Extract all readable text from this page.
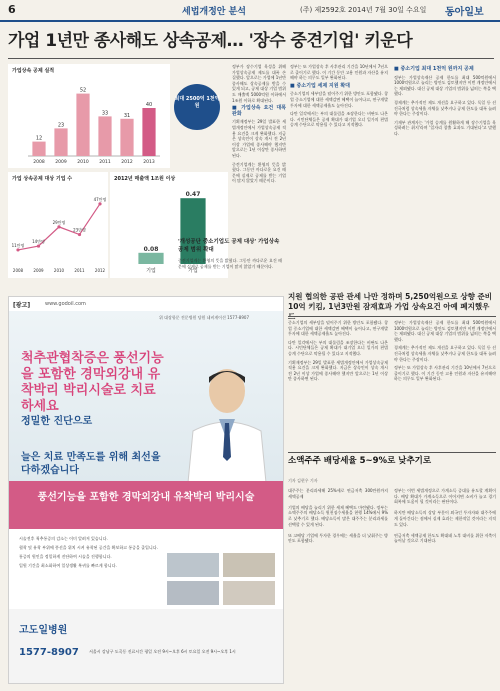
6	세법개정안 분석	(주) 제2592호 2014년 7월 30일 수요일 동아일보
가업 1년만 종사해도 상속공제… '장수 중견기업' 키운다
가업상속 공제 실적
12
2008
23
2009
52
2010
33
2011
31
2012
40
2013
최대 2500억 1천억원
가업 상속공제 대상 기업 수
11만명
2008
14만명
2009
29만명
2010
23만명
2011
47만명
2012
2012년 매출액 1조원 이상
0.08
기업
0.47
가업

정부가 장수기업 육성을 위해 가업상속공제 제도를 대폭 손질했다. 앞으로는 가업에 1년만 종사해도 상속공제를 받을 수 있게 되고, 공제 대상 기업 범위도 매출액 5000억원 이하에서 1조원 이하로 확대된다.

■ 가업상속 요건 대폭 완화

기획재정부는 29일 발표한 세법개정안에서 가업상속공제 적용 요건을 크게 완화했다. 지금은 상속인이 상속 개시 전 2년 이상 가업에 종사해야 했지만 앞으로는 1년 이상만 종사하면 된다.

중견기업계는 환영의 뜻을 밝혔다. 그동안 까다로운 요건 때문에 실제로 공제를 받는 기업이 많지 않았기 때문이다.

정부는 또 가업상속 후 사후관리 기간을 10년에서 7년으로 줄이기로 했다. 이 기간 동안 고용 인원과 자산을 유지해야 하는 의무도 일부 완화된다.

■ 중소기업 세제 지원 확대

중소기업의 세부담을 덜어주기 위한 방안도 포함됐다. 창업 중소기업에 대한 세액감면 혜택이 늘어나고, 연구개발 투자에 대한 세액공제율도 높아진다.

다만 일각에서는 부의 대물림을 조장한다는 비판도 나온다. 시민단체들은 공제 확대가 대기업 오너 일가의 편법 승계 수단으로 악용될 수 있다고 지적했다.

■ 중소기업 최대 1천억 원까지 공제

정부는 가업상속재산 공제 한도를 최대 500억원에서 1000억원으로 늘리는 방안도 검토했지만 이번 개정안에서는 제외됐다. 대신 공제 대상 기업의 범위를 넓히는 쪽을 택했다.

경제계는 추가적인 제도 개선을 요구하고 있다. 독일 등 선진국처럼 상속세율 자체를 낮추거나 공제 한도를 대폭 늘려야 한다는 주장이다.

기재부 관계자는 '가업 승계를 원활하게 해 장수기업을 육성하려는 취지'라며 '일자리 창출 효과도 기대된다'고 말했다.

'개성공단 중소기업도 공제 대상' 가업상속 공제 범위 확대

중견기업계는 환영의 뜻을 밝혔다. 그동안 까다로운 요건 때문에 실제로 공제를 받는 기업이 많지 않았기 때문이다.

지원 협의한 공판 관세 나만 정하며 5,250억원으로 상향 준비 10억 키킴, 1년3만원 잠재효과 가업 상속요건 아예 폐지했우

중소기업의 세부담을 덜어주기 위한 방안도 포함됐다. 창업 중소기업에 대한 세액감면 혜택이 늘어나고, 연구개발 투자에 대한 세액공제율도 높아진다.

다만 일각에서는 부의 대물림을 조장한다는 비판도 나온다. 시민단체들은 공제 확대가 대기업 오너 일가의 편법 승계 수단으로 악용될 수 있다고 지적했다.

기획재정부는 29일 발표한 세법개정안에서 가업상속공제 적용 요건을 크게 완화했다. 지금은 상속인이 상속 개시 전 2년 이상 가업에 종사해야 했지만 앞으로는 1년 이상만 종사하면 된다.

정부는 가업상속재산 공제 한도를 최대 500억원에서 1000억원으로 늘리는 방안도 검토했지만 이번 개정안에서는 제외됐다. 대신 공제 대상 기업의 범위를 넓히는 쪽을 택했다.

경제계는 추가적인 제도 개선을 요구하고 있다. 독일 등 선진국처럼 상속세율 자체를 낮추거나 공제 한도를 대폭 늘려야 한다는 주장이다.

정부는 또 가업상속 후 사후관리 기간을 10년에서 7년으로 줄이기로 했다. 이 기간 동안 고용 인원과 자산을 유지해야 하는 의무도 일부 완화된다.

[광고]	www.godoil.com
위 대장항문 전문병원 당원 네비게이션 1577-8907
척추관협착증은 풍선기능을 포함한 경막외강내 유착박리 박리시술로 치료하세요
정밀한 진단으로
늘은 치료 만족도를 위해 최선을 다하겠습니다
풍선기능을 포함한 경막외강내 유착박리 박리시술
시술전후 척추통증의 감소는 이미 알려져 있습니다.
협착 및 유착 부위에 풍선을 위치 시켜 유착된 공간을 확보하고 통증을 줄입니다.
통증의 원인을 정밀하게 진단하여 시술을 진행합니다.
입원 기간을 최소화하여 일상생활 복귀를 빠르게 합니다.
고도일병원
1577-8907	서울시 강남구 도곡동 진료시간 평일 오전 9시~오후 6시 토요일 오전 9시~오후 1시
소액주주 배당세율 5~9%로 낮추기로
기자 김현우 기자

대주주는 분리과세해 25%세로 연금저축 300만원까지 세액공제

기업의 배당을 늘리기 위한 세제 혜택도 마련됐다. 정부는 소액주주의 배당소득 원천징수세율을 현행 14%에서 9%로 낮추기로 했다. 배당소득이 많은 대주주는 분리과세를 선택할 수 있게 된다.

또 고배당 기업에 투자한 경우에는 세율을 더 낮춰주는 방안도 포함됐다.

정부는 이번 세법개정으로 가계소득 증대를 유도할 계획이다. 배당 확대가 가계소득으로 이어지면 소비가 늘고 경기 회복에 도움이 될 것이라는 판단이다.

하지만 배당소득의 상당 부분이 외국인 투자자와 대주주에게 돌아간다는 점에서 실제 효과는 제한적일 것이라는 지적도 있다.

연금저축 세액공제 한도도 확대돼 노후 대비를 위한 저축이 늘어날 것으로 기대된다.
